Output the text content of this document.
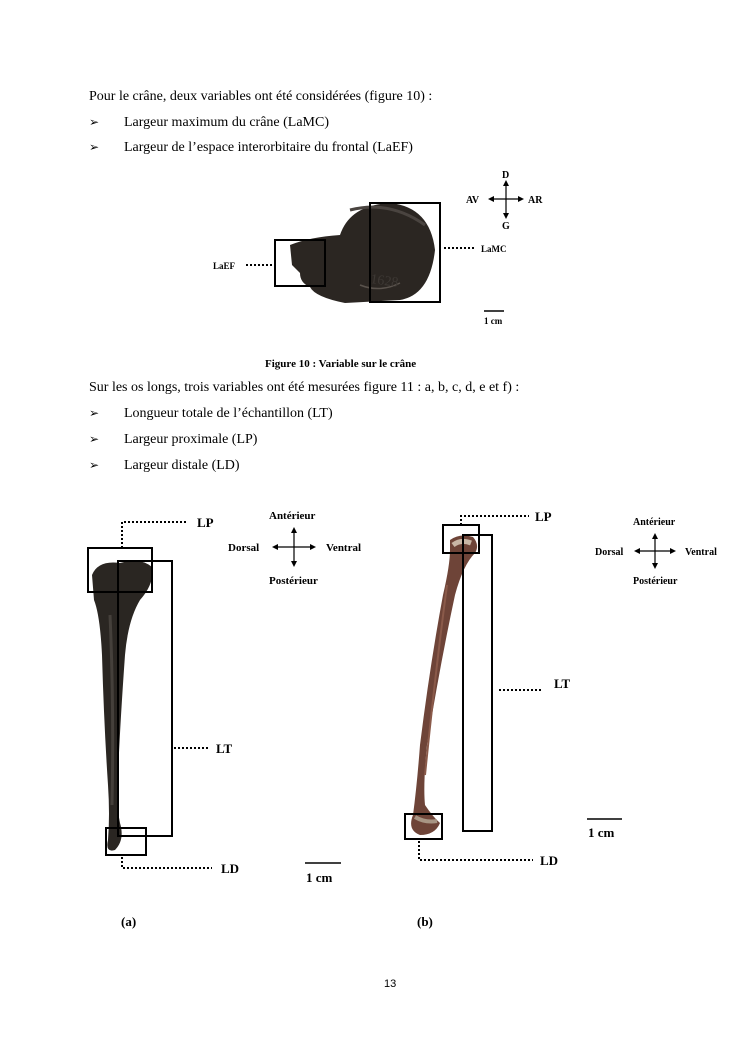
Pour le crâne, deux variables ont été considérées (figure 10) :
➢ Largeur maximum du crâne (LaMC)
➢ Largeur de l’espace interorbitaire du frontal (LaEF)
1628
LaMC
LaEF
D
AV	AR
G
1 cm
Figure 10 : Variable sur le crâne
Sur les os longs, trois variables ont été mesurées figure 11 : a, b, c, d, e et f) :
➢ Longueur totale de l’échantillon (LT)
➢ Largeur proximale (LP)
➢ Largeur distale (LD)
LP
LT
LD
Antérieur
Dorsal	Ventral
Postérieur
1 cm
LP
LT
LD
Antérieur
Dorsal	Ventral
Postérieur
1 cm
(a)	(b)
13
